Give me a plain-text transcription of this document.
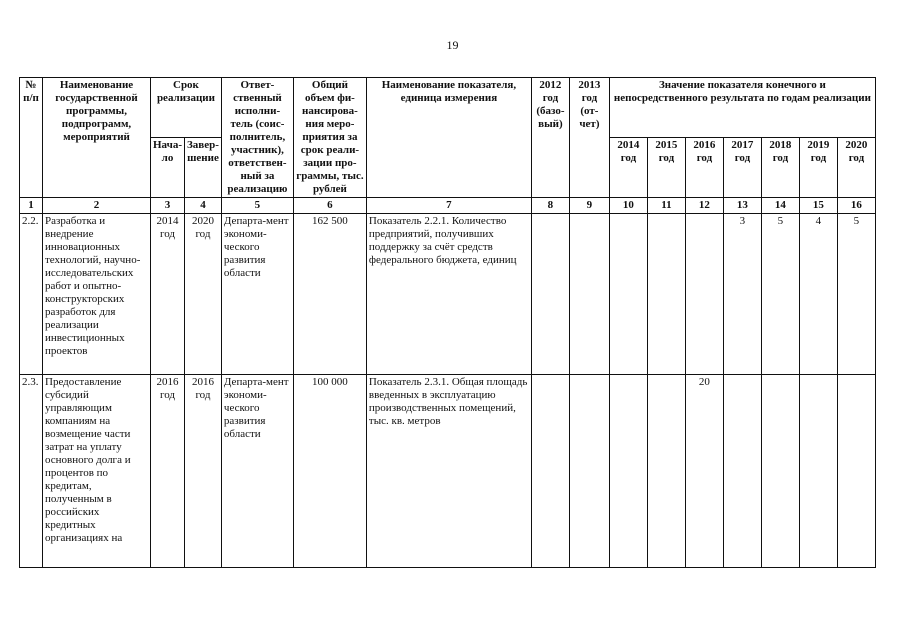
19
№ п/п	Наименование государственной программы, подпрограмм, мероприятий	Срок реализации		Ответ-ственный исполни-тель (соис-полнитель, участник), ответствен-ный за реализацию	Общий объем фи-нансирова-ния меро-приятия за срок реали-зации про-граммы, тыс. рублей	Наименование показателя, единица измерения	2012 год (базо-вый)	2013 год (от-чет)	Значение показателя конечного и непосредственного результата по годам реализации						

		Нача-ло	Завер-шение						2014 год	2015 год	2016 год	2017 год	2018 год	2019 год	2020 год
1	2	3	4	5	6	7	8	9	10	11	12	13	14	15	16
2.2.	Разработка и внедрение инновационных технологий, научно-исследовательских работ и опытно-конструкторских разработок для реализации инвестиционных проектов	2014 год	2020 год	Департа-мент экономи-ческого развития области	162 500	Показатель 2.2.1. Количество предприятий, получивших поддержку за счёт средств федерального бюджета, единиц						3	5	4	5
2.3.	Предоставление субсидий управляющим компаниям на возмещение части затрат на уплату основного долга и процентов по кредитам, полученным в российских кредитных организациях на	2016 год	2016 год	Департа-мент экономи-ческого развития области	100 000	Показатель 2.3.1. Общая площадь введенных в эксплуатацию производственных помещений, тыс. кв. метров					20				
